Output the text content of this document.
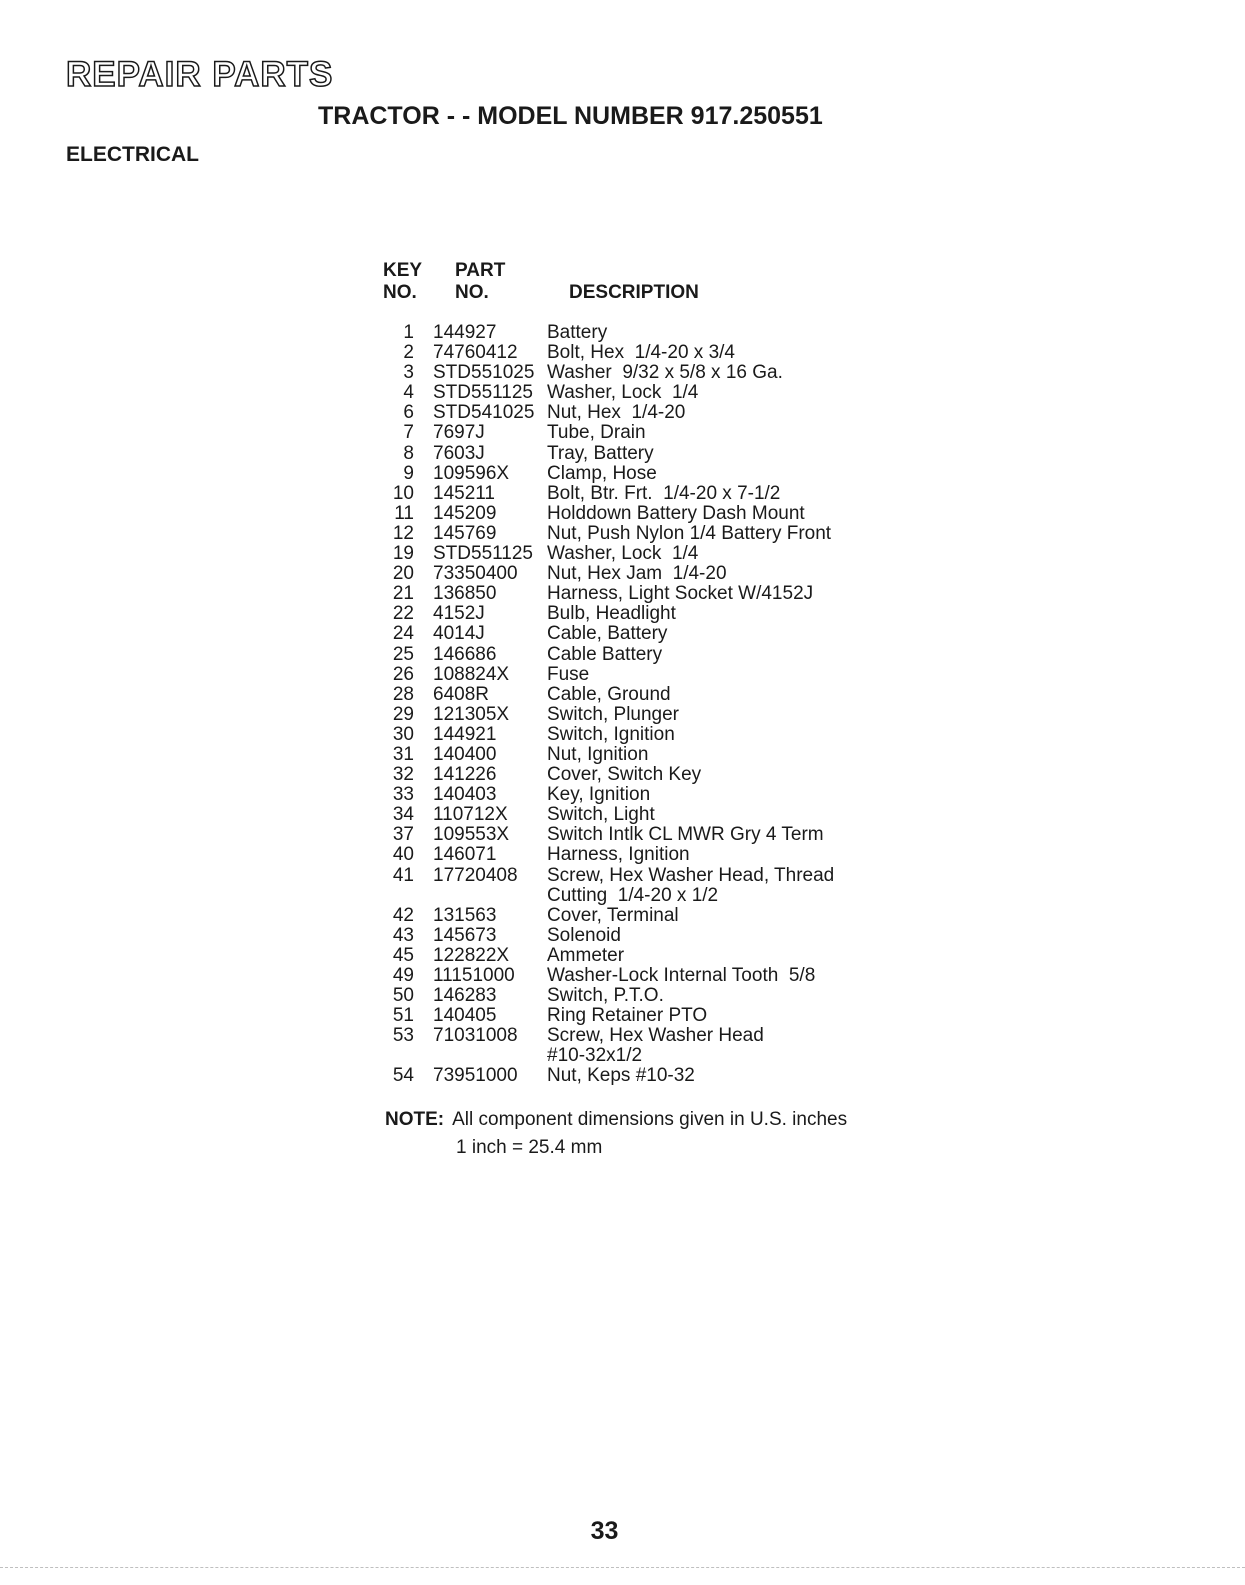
REPAIR PARTS
TRACTOR - - MODEL NUMBER 917.250551
ELECTRICAL
KEY
NO.
PART
NO.	DESCRIPTION
1	144927	Battery
2	74760412	Bolt, Hex  1/4-20 x 3/4
3	STD551025 Washer  9/32 x 5/8 x 16 Ga.
4	STD551125 Washer, Lock  1/4
6	STD541025 Nut, Hex  1/4-20
7	7697J	Tube, Drain
8	7603J	Tray, Battery
9	109596X	Clamp, Hose
10	145211	Bolt, Btr. Frt.  1/4-20 x 7-1/2
11	145209	Holddown Battery Dash Mount
12	145769	Nut, Push Nylon 1/4 Battery Front
19	STD551125 Washer, Lock  1/4
20	73350400	Nut, Hex Jam  1/4-20
21	136850	Harness, Light Socket W/4152J
22	4152J	Bulb, Headlight
24	4014J	Cable, Battery
25	146686	Cable Battery
26	108824X	Fuse
28	6408R	Cable, Ground
29	121305X	Switch, Plunger
30	144921	Switch, Ignition
31	140400	Nut, Ignition
32	141226	Cover, Switch Key
33	140403	Key, Ignition
34	110712X	Switch, Light
37	109553X	Switch Intlk CL MWR Gry 4 Term
40	146071	Harness, Ignition
41	17720408	Screw, Hex Washer Head, Thread
Cutting  1/4-20 x 1/2
42	131563	Cover, Terminal
43	145673	Solenoid
45	122822X	Ammeter
49	11151000	Washer-Lock Internal Tooth  5/8
50	146283	Switch, P.T.O.
51	140405	Ring Retainer PTO
53	71031008	Screw, Hex Washer Head
#10-32x1/2
54	73951000	Nut, Keps #10-32
NOTE: All component dimensions given in U.S. inches
1 inch = 25.4 mm
33
